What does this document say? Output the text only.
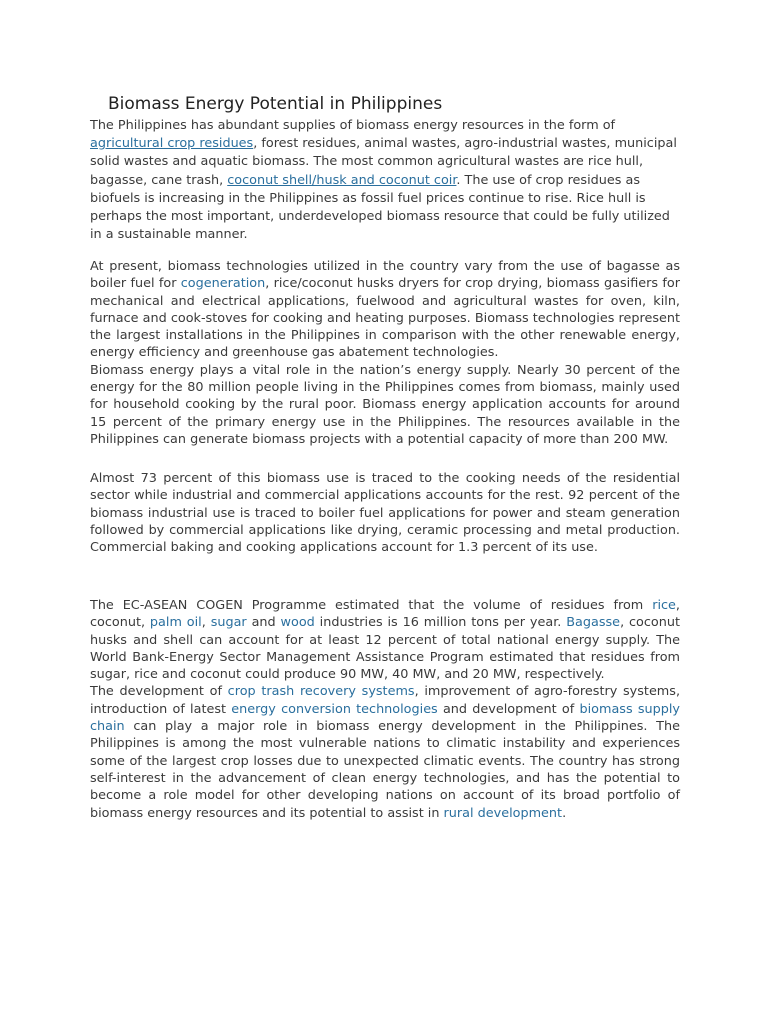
Biomass Energy Potential in Philippines

The Philippines has abundant supplies of biomass energy resources in the form of agricultural crop residues, forest residues, animal wastes, agro-industrial wastes, municipal solid wastes and aquatic biomass. The most common agricultural wastes are rice hull, bagasse, cane trash, coconut shell/husk and coconut coir. The use of crop residues as biofuels is increasing in the Philippines as fossil fuel prices continue to rise. Rice hull is perhaps the most important, underdeveloped biomass resource that could be fully utilized in a sustainable manner.

At present, biomass technologies utilized in the country vary from the use of bagasse as boiler fuel for cogeneration, rice/coconut husks dryers for crop drying, biomass gasifiers for mechanical and electrical applications, fuelwood and agricultural wastes for oven, kiln, furnace and cook-stoves for cooking and heating purposes. Biomass technologies represent the largest installations in the Philippines in comparison with the other renewable energy, energy efficiency and greenhouse gas abatement technologies.
Biomass energy plays a vital role in the nation’s energy supply. Nearly 30 percent of the energy for the 80 million people living in the Philippines comes from biomass, mainly used for household cooking by the rural poor. Biomass energy application accounts for around 15 percent of the primary energy use in the Philippines. The resources available in the Philippines can generate biomass projects with a potential capacity of more than 200 MW.

Almost 73 percent of this biomass use is traced to the cooking needs of the residential sector while industrial and commercial applications accounts for the rest. 92 percent of the biomass industrial use is traced to boiler fuel applications for power and steam generation followed by commercial applications like drying, ceramic processing and metal production. Commercial baking and cooking applications account for 1.3 percent of its use.

The EC-ASEAN COGEN Programme estimated that the volume of residues from rice, coconut, palm oil, sugar and wood industries is 16 million tons per year. Bagasse, coconut husks and shell can account for at least 12 percent of total national energy supply. The World Bank-Energy Sector Management Assistance Program estimated that residues from sugar, rice and coconut could produce 90 MW, 40 MW, and 20 MW, respectively.
The development of crop trash recovery systems, improvement of agro-forestry systems, introduction of latest energy conversion technologies and development of biomass supply chain can play a major role in biomass energy development in the Philippines. The Philippines is among the most vulnerable nations to climatic instability and experiences some of the largest crop losses due to unexpected climatic events. The country has strong self-interest in the advancement of clean energy technologies, and has the potential to become a role model for other developing nations on account of its broad portfolio of biomass energy resources and its potential to assist in rural development.
